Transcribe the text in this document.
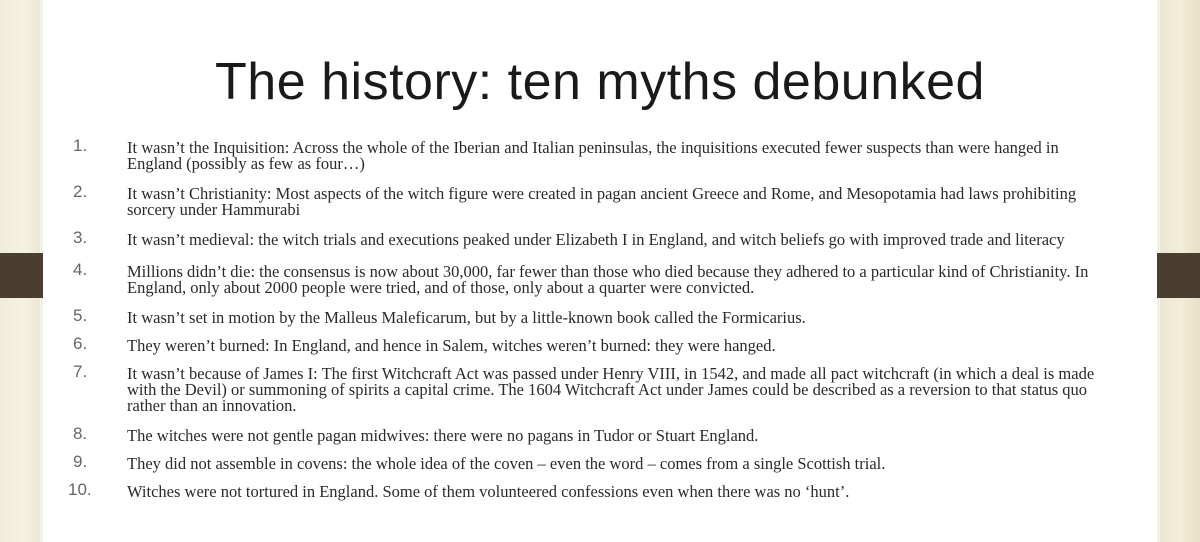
The history: ten myths debunked
1. It wasn’t the Inquisition: Across the whole of the Iberian and Italian peninsulas, the inquisitions executed fewer suspects than were hanged in England (possibly as few as four…)
2. It wasn’t Christianity: Most aspects of the witch figure were created in pagan ancient Greece and Rome, and Mesopotamia had laws prohibiting sorcery under Hammurabi
3. It wasn’t medieval: the witch trials and executions peaked under Elizabeth I in England, and witch beliefs go with improved trade and literacy
4. Millions didn’t die: the consensus is now about 30,000, far fewer than those who died because they adhered to a particular kind of Christianity. In England, only about 2000 people were tried, and of those, only about a quarter were convicted.
5. It wasn’t set in motion by the Malleus Maleficarum, but by a little-known book called the Formicarius.
6. They weren’t burned: In England, and hence in Salem, witches weren’t burned: they were hanged.
7. It wasn’t because of James I: The first Witchcraft Act was passed under Henry VIII, in 1542, and made all pact witchcraft (in which a deal is made with the Devil) or summoning of spirits a capital crime. The 1604 Witchcraft Act under James could be described as a reversion to that status quo rather than an innovation.
8. The witches were not gentle pagan midwives: there were no pagans in Tudor or Stuart England.
9. They did not assemble in covens: the whole idea of the coven – even the word – comes from a single Scottish trial.
10. Witches were not tortured in England. Some of them volunteered confessions even when there was no ‘hunt’.
